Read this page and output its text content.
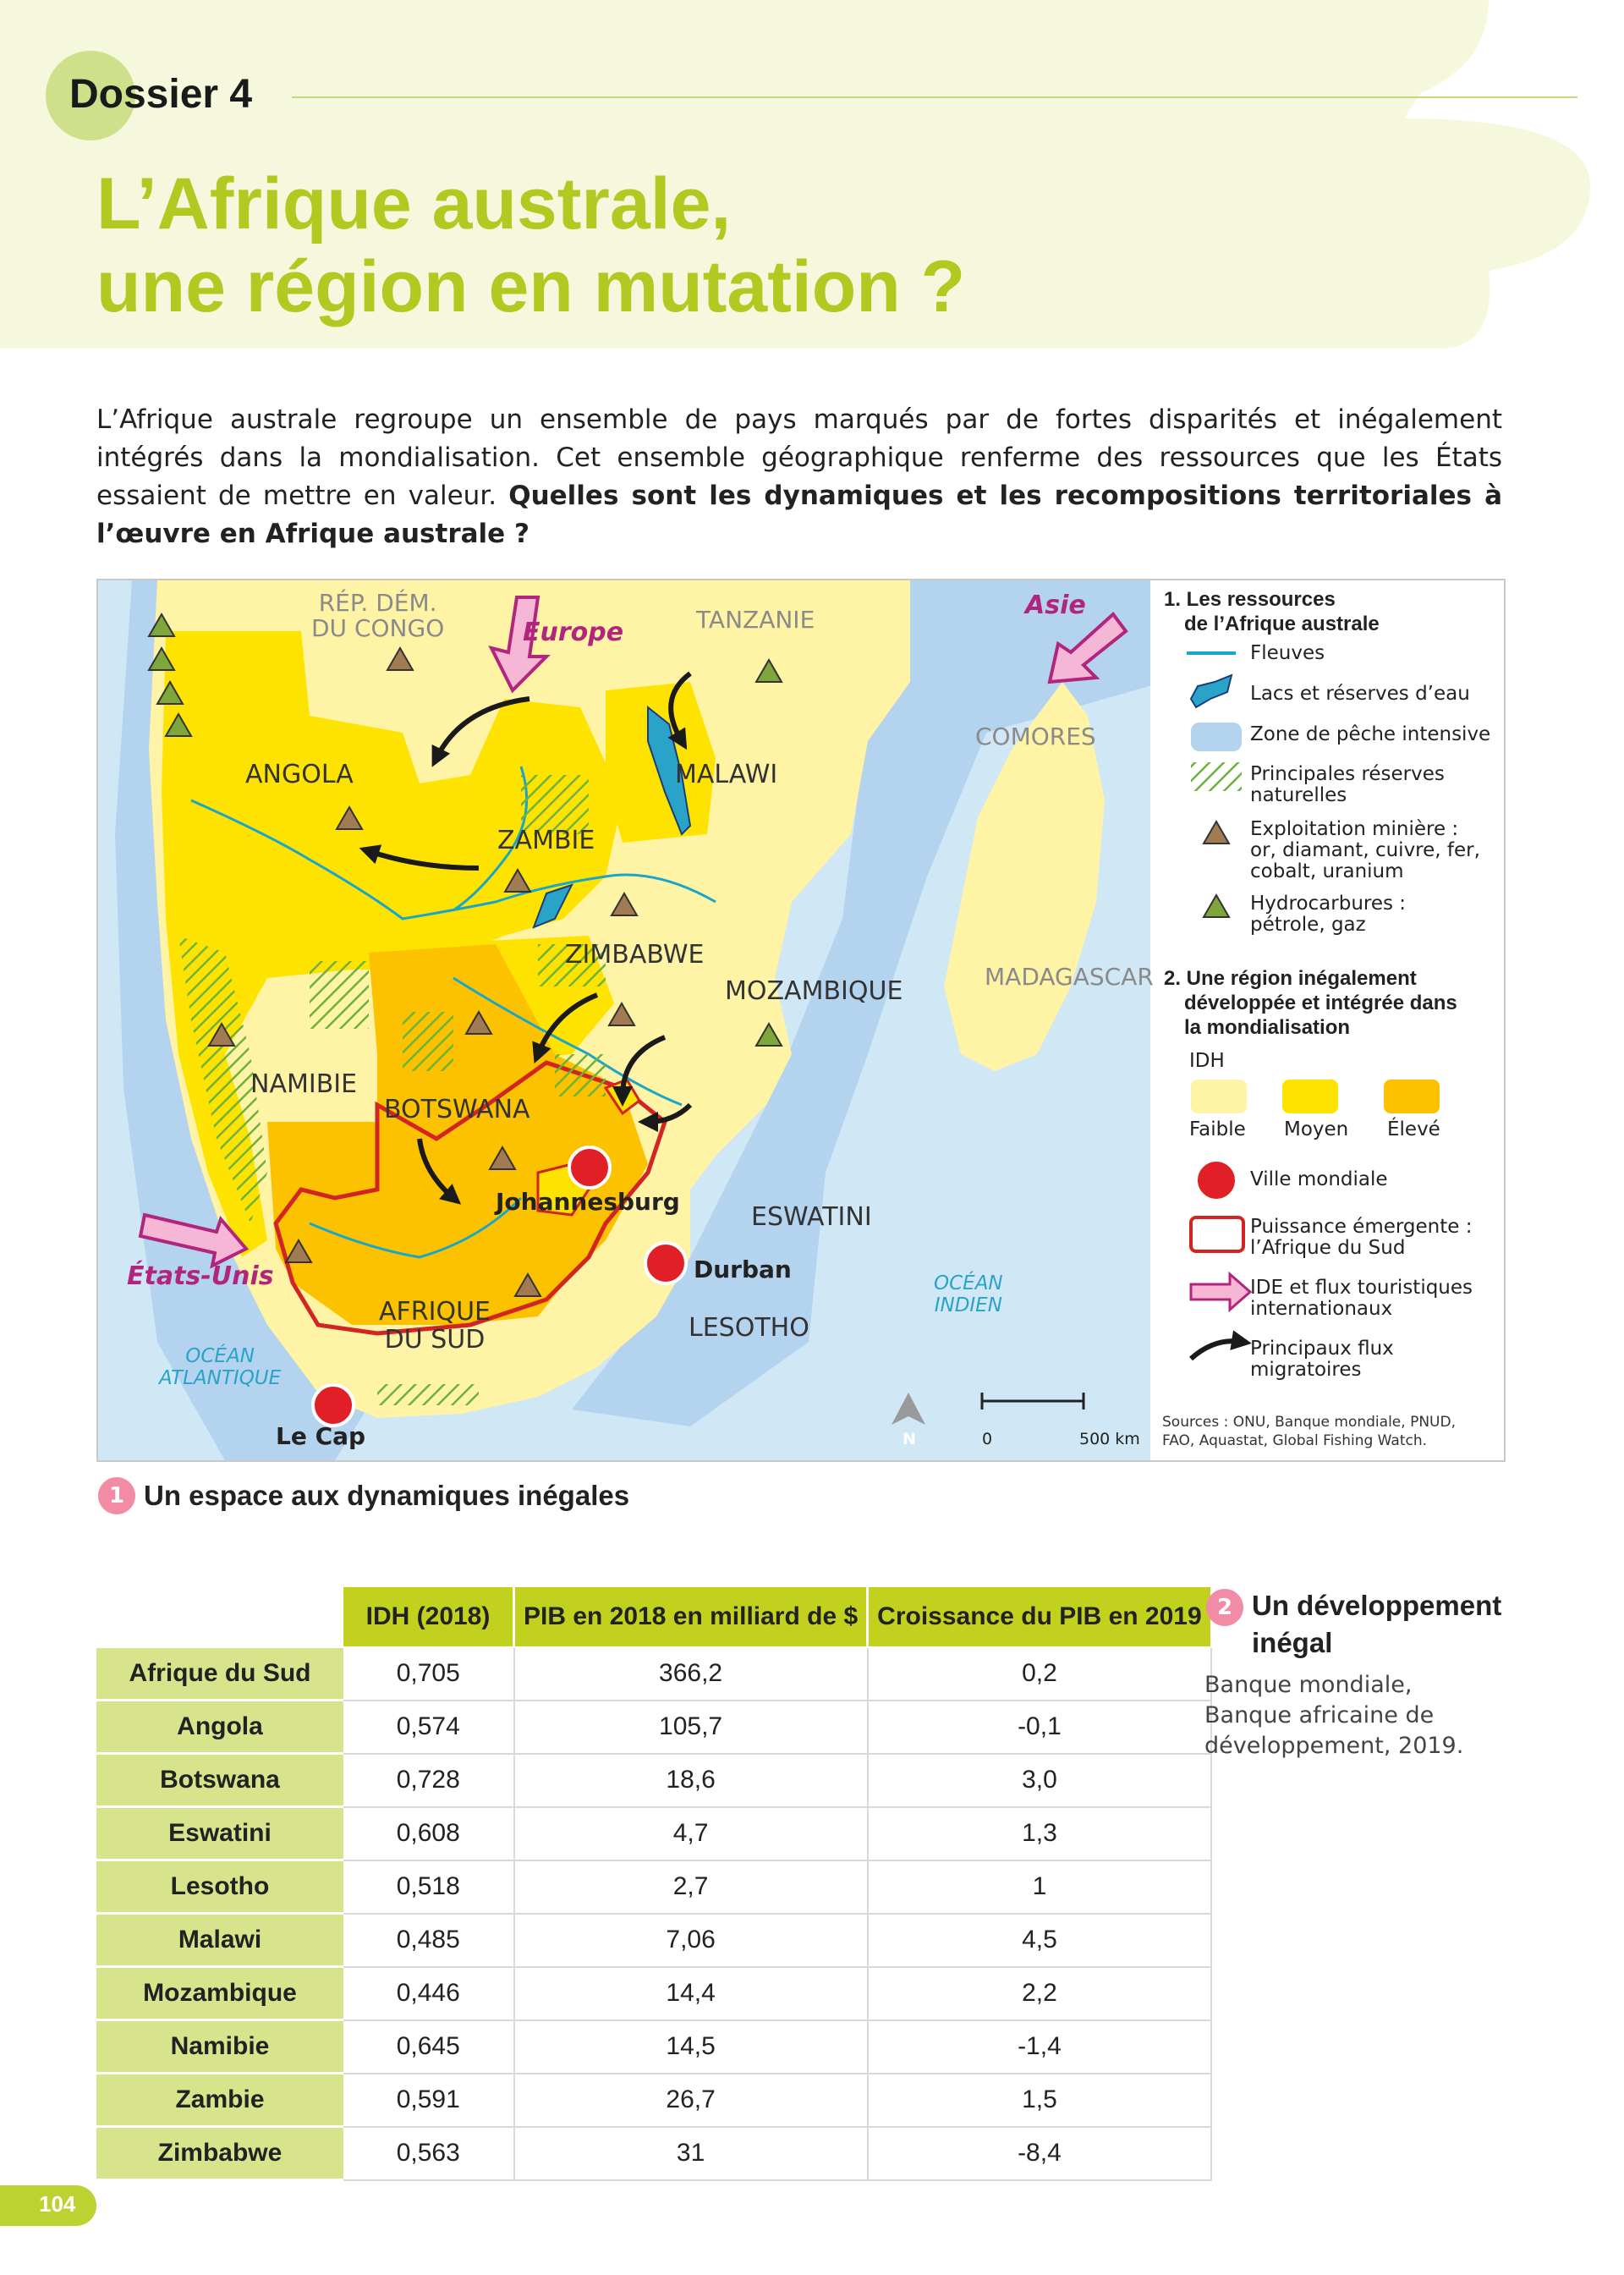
Dossier 4
L’Afrique australe,
une région en mutation ?
L’Afrique australe regroupe un ensemble de pays marqués par de fortes disparités et inégalement intégrés dans la mondialisation. Cet ensemble géographique renferme des ressources que les États essaient de mettre en valeur. Quelles sont les dynamiques et les recompositions territoriales à l’œuvre en Afrique australe ?
RÉP. DÉM.
DU CONGO	TANZANIE
ANGOLA	MALAWI
ZAMBIE
COMORES
ZIMBABWE
MOZAMBIQUE	MADAGASCAR
NAMIBIE
BOTSWANA
ESWATINI
AFRIQUE
DU SUD	LESOTHO
Johannesburg
Durban
Le Cap
Europe
Asie
États-Unis
OCÉAN
ATLANTIQUE
OCÉAN
INDIEN
0	500 km
N
1. Les ressources
de l’Afrique australe
Fleuves
Lacs et réserves d’eau
Zone de pêche intensive
Principales réserves
naturelles
Exploitation minière :
or, diamant, cuivre, fer,
cobalt, uranium
Hydrocarbures :
pétrole, gaz
2. Une région inégalement
développée et intégrée dans
la mondialisation
IDH
Faible Moyen Élevé
Ville mondiale
Puissance émergente :
l’Afrique du Sud
IDE et flux touristiques
internationaux
Principaux flux
migratoires
Sources : ONU, Banque mondiale, PNUD,
FAO, Aquastat, Global Fishing Watch.
1 Un espace aux dynamiques inégales
	IDH (2018)	PIB en 2018 en milliard de $	Croissance du PIB en 2019
Afrique du Sud	0,705	366,2	0,2
Angola	0,574	105,7	-0,1
Botswana	0,728	18,6	3,0
Eswatini	0,608	4,7	1,3
Lesotho	0,518	2,7	1
Malawi	0,485	7,06	4,5
Mozambique	0,446	14,4	2,2
Namibie	0,645	14,5	-1,4
Zambie	0,591	26,7	1,5
Zimbabwe	0,563	31	-8,4
2 Un développement
inégal
Banque mondiale,
Banque africaine de
développement, 2019.
104
